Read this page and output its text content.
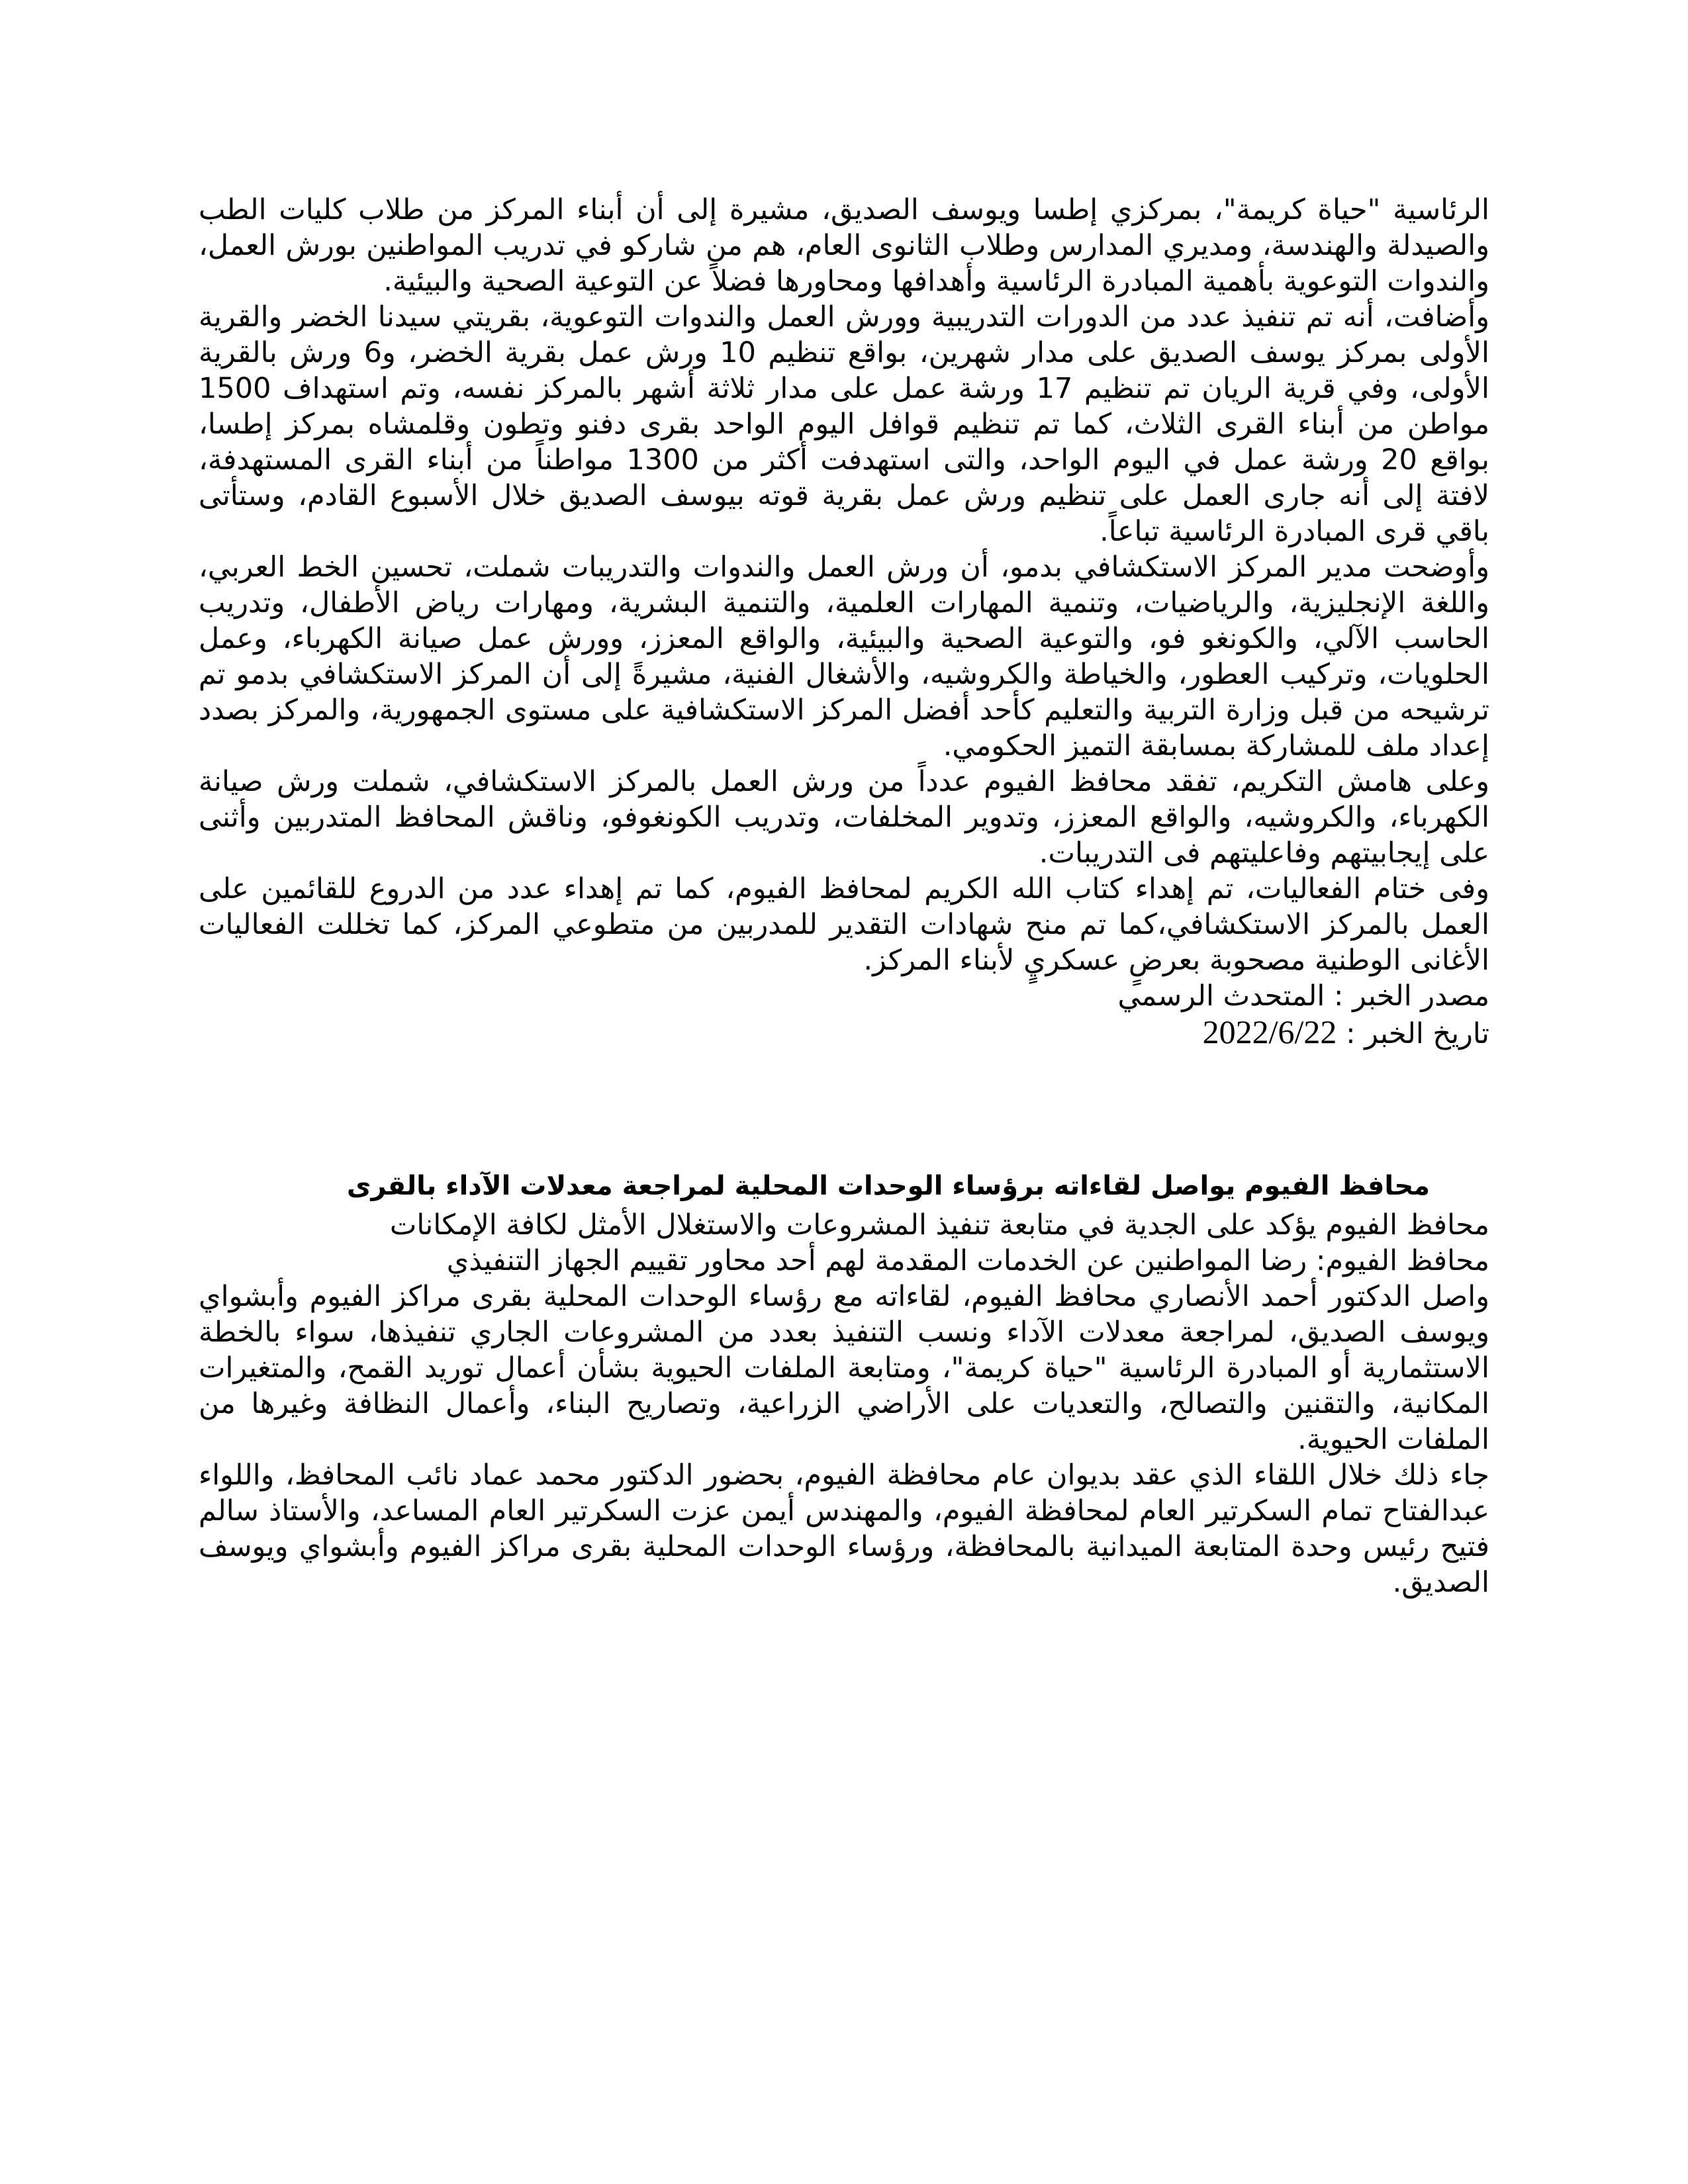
الرئاسية "حياة كريمة"، بمركزي إطسا ويوسف الصديق، مشيرة إلى أن أبناء المركز من طلاب كليات الطب والصيدلة والهندسة، ومديري المدارس وطلاب الثانوى العام، هم من شاركو في تدريب المواطنين بورش العمل، والندوات التوعوية بأهمية المبادرة الرئاسية وأهدافها ومحاورها فضلاً عن التوعية الصحية والبيئية.

وأضافت، أنه تم تنفيذ عدد من الدورات التدريبية وورش العمل والندوات التوعوية، بقريتي سيدنا الخضر والقرية الأولى بمركز يوسف الصديق على مدار شهرين، بواقع تنظيم 10 ورش عمل بقرية الخضر، و6 ورش بالقرية الأولى، وفي قرية الريان تم تنظيم 17 ورشة عمل على مدار ثلاثة أشهر بالمركز نفسه، وتم استهداف 1500 مواطن من أبناء القرى الثلاث، كما تم تنظيم قوافل اليوم الواحد بقرى دفنو وتطون وقلمشاه بمركز إطسا، بواقع 20 ورشة عمل في اليوم الواحد، والتى استهدفت أكثر من 1300 مواطناً من أبناء القرى المستهدفة، لافتة إلى أنه جارى العمل على تنظيم ورش عمل بقرية قوته بيوسف الصديق خلال الأسبوع القادم، وستأتى باقي قرى المبادرة الرئاسية تباعاً.

وأوضحت مدير المركز الاستكشافي بدمو، أن ورش العمل والندوات والتدريبات شملت، تحسين الخط العربي، واللغة الإنجليزية، والرياضيات، وتنمية المهارات العلمية، والتنمية البشرية، ومهارات رياض الأطفال، وتدريب الحاسب الآلي، والكونغو فو، والتوعية الصحية والبيئية، والواقع المعزز، وورش عمل صيانة الكهرباء، وعمل الحلويات، وتركيب العطور، والخياطة والكروشيه، والأشغال الفنية، مشيرةً إلى أن المركز الاستكشافي بدمو تم ترشيحه من قبل وزارة التربية والتعليم كأحد أفضل المركز الاستكشافية على مستوى الجمهورية، والمركز بصدد إعداد ملف للمشاركة بمسابقة التميز الحكومي.

وعلى هامش التكريم، تفقد محافظ الفيوم عدداً من ورش العمل بالمركز الاستكشافي، شملت ورش صيانة الكهرباء، والكروشيه، والواقع المعزز، وتدوير المخلفات، وتدريب الكونغوفو، وناقش المحافظ المتدربين وأثنى على إيجابيتهم وفاعليتهم فى التدريبات.

وفى ختام الفعاليات، تم إهداء كتاب الله الكريم لمحافظ الفيوم، كما تم إهداء عدد من الدروع للقائمين على العمل بالمركز الاستكشافي،كما تم منح شهادات التقدير للمدربين من متطوعي المركز، كما تخللت الفعاليات الأغانى الوطنية مصحوبة بعرضٍ عسكريٍ لأبناء المركز.

مصدر الخبر : المتحدث الرسمي

تاريخ الخبر : 2022/6/22

محافظ الفيوم يواصل لقاءاته برؤساء الوحدات المحلية لمراجعة معدلات الآداء بالقرى

محافظ الفيوم يؤكد على الجدية في متابعة تنفيذ المشروعات والاستغلال الأمثل لكافة الإمكانات

محافظ الفيوم: رضا المواطنين عن الخدمات المقدمة لهم أحد محاور تقييم الجهاز التنفيذي

واصل الدكتور أحمد الأنصاري محافظ الفيوم، لقاءاته مع رؤساء الوحدات المحلية بقرى مراكز الفيوم وأبشواي ويوسف الصديق، لمراجعة معدلات الآداء ونسب التنفيذ بعدد من المشروعات الجاري تنفيذها، سواء بالخطة الاستثمارية أو المبادرة الرئاسية "حياة كريمة"، ومتابعة الملفات الحيوية بشأن أعمال توريد القمح، والمتغيرات المكانية، والتقنين والتصالح، والتعديات على الأراضي الزراعية، وتصاريح البناء، وأعمال النظافة وغيرها من الملفات الحيوية.

جاء ذلك خلال اللقاء الذي عقد بديوان عام محافظة الفيوم، بحضور الدكتور محمد عماد نائب المحافظ، واللواء عبدالفتاح تمام السكرتير العام لمحافظة الفيوم، والمهندس أيمن عزت السكرتير العام المساعد، والأستاذ سالم فتيح رئيس وحدة المتابعة الميدانية بالمحافظة، ورؤساء الوحدات المحلية بقرى مراكز الفيوم وأبشواي ويوسف الصديق.
